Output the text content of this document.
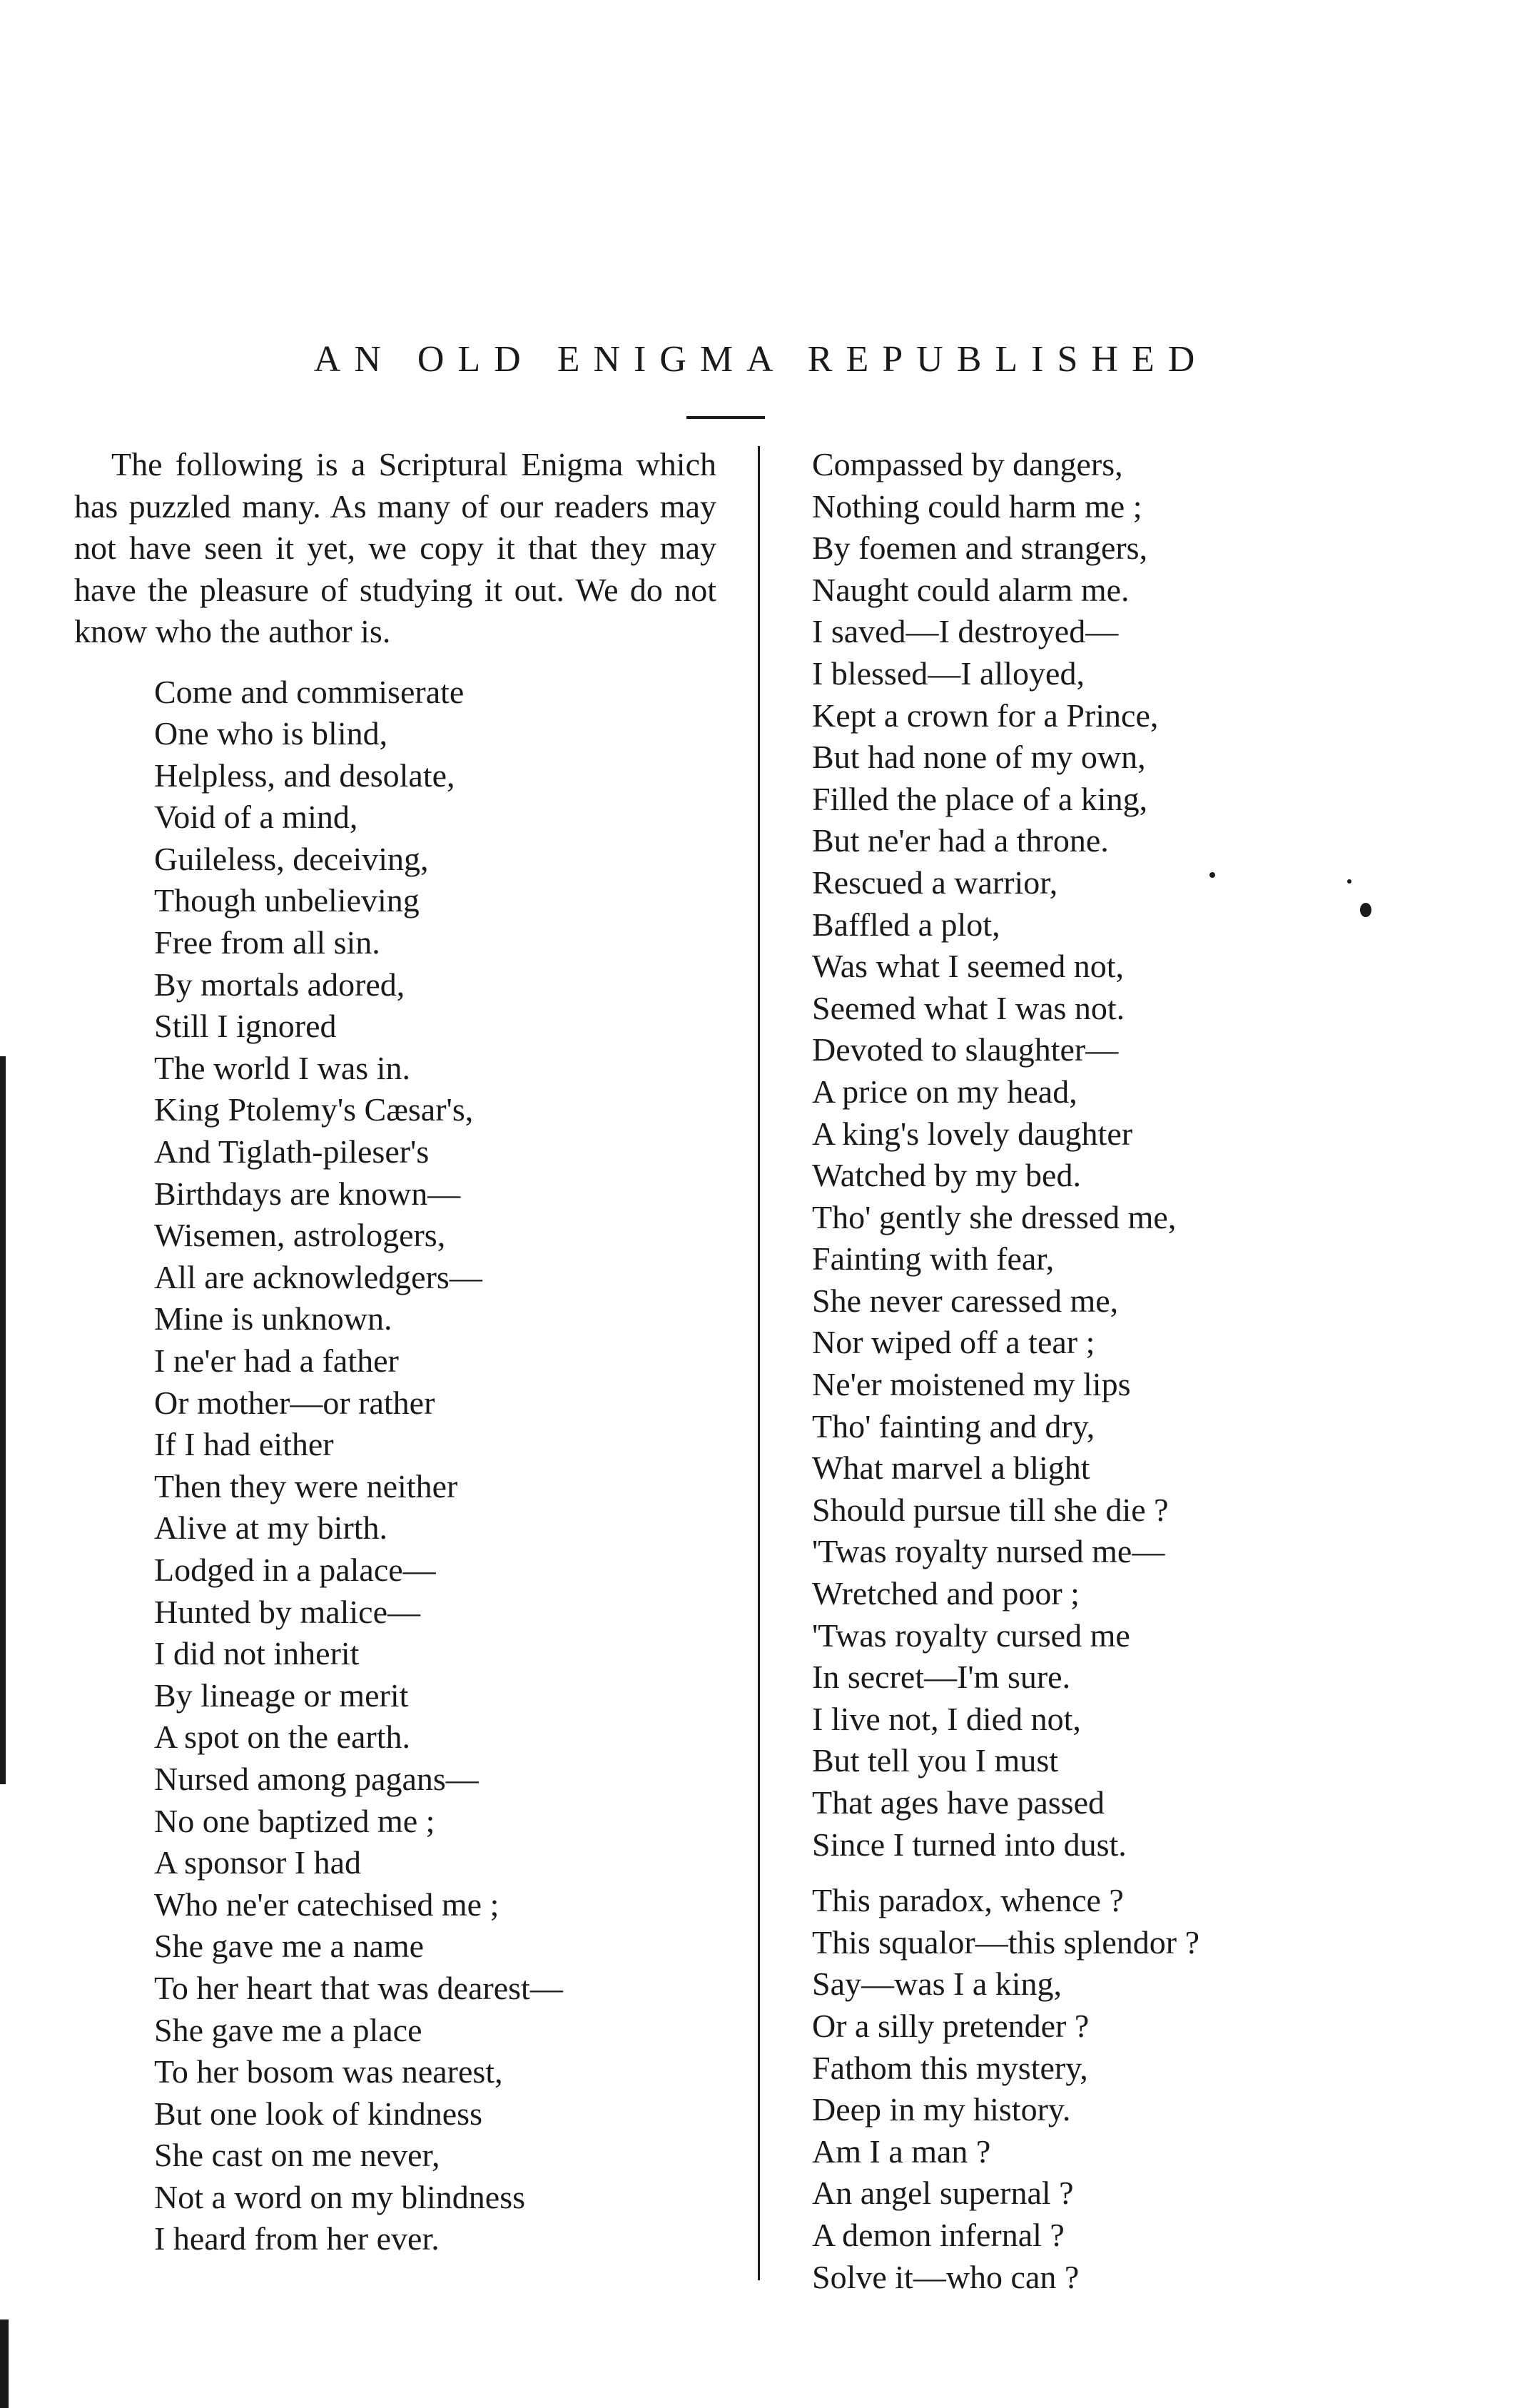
AN OLD ENIGMA REPUBLISHED

The following is a Scriptural Enigma which has puzzled many. As many of our readers may not have seen it yet, we copy it that they may have the pleasure of studying it out. We do not know who the author is.

Come and commiserate
One who is blind,
Helpless, and desolate,
Void of a mind,
Guileless, deceiving,
Though unbelieving
Free from all sin.
By mortals adored,
Still I ignored
The world I was in.
King Ptolemy's Cæsar's,
And Tiglath-pileser's
Birthdays are known—
Wisemen, astrologers,
All are acknowledgers—
Mine is unknown.
I ne'er had a father
Or mother—or rather
If I had either
Then they were neither
Alive at my birth.
Lodged in a palace—
Hunted by malice—
I did not inherit
By lineage or merit
A spot on the earth.
Nursed among pagans—
No one baptized me ;
A sponsor I had
Who ne'er catechised me ;
She gave me a name
To her heart that was dearest—
She gave me a place
To her bosom was nearest,
But one look of kindness
She cast on me never,
Not a word on my blindness
I heard from her ever.
Compassed by dangers,
Nothing could harm me ;
By foemen and strangers,
Naught could alarm me.
I saved—I destroyed—
I blessed—I alloyed,
Kept a crown for a Prince,
But had none of my own,
Filled the place of a king,
But ne'er had a throne.
Rescued a warrior,
Baffled a plot,
Was what I seemed not,
Seemed what I was not.
Devoted to slaughter—
A price on my head,
A king's lovely daughter
Watched by my bed.
Tho' gently she dressed me,
Fainting with fear,
She never caressed me,
Nor wiped off a tear ;
Ne'er moistened my lips
Tho' fainting and dry,
What marvel a blight
Should pursue till she die ?
'Twas royalty nursed me—
Wretched and poor ;
'Twas royalty cursed me
In secret—I'm sure.
I live not, I died not,
But tell you I must
That ages have passed
Since I turned into dust.
This paradox, whence ?
This squalor—this splendor ?
Say—was I a king,
Or a silly pretender ?
Fathom this mystery,
Deep in my history.
Am I a man ?
An angel supernal ?
A demon infernal ?
Solve it—who can ?
